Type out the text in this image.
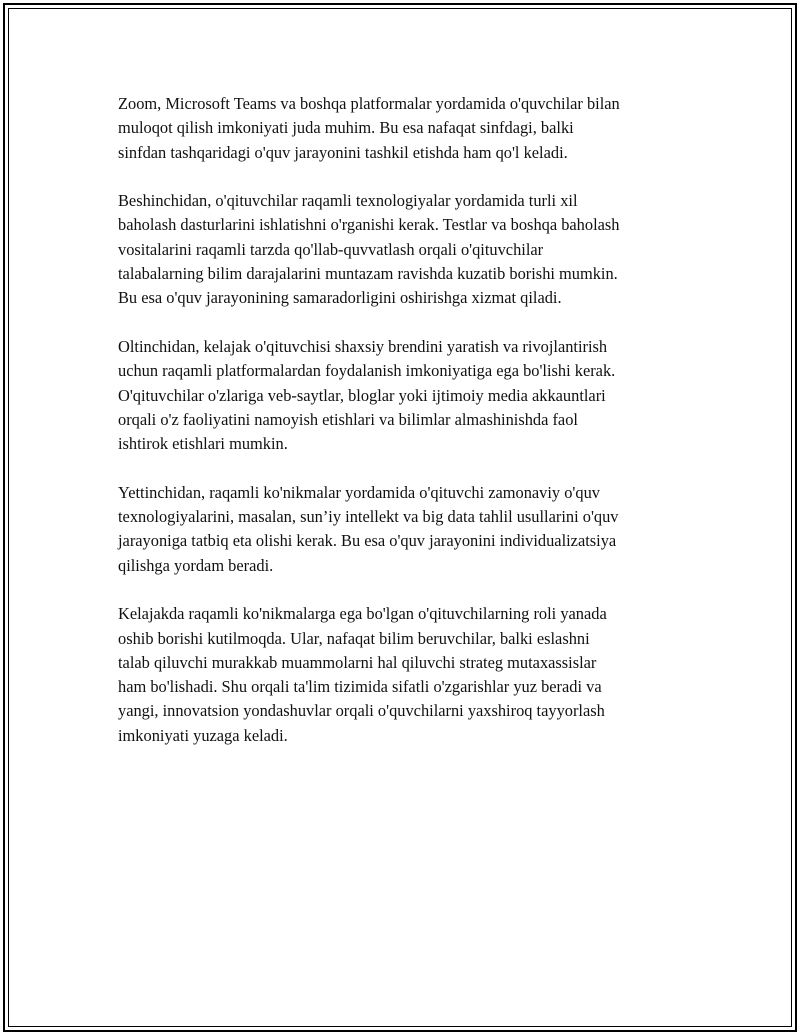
Zoom, Microsoft Teams va boshqa platformalar yordamida o'quvchilar bilan
muloqot qilish imkoniyati juda muhim. Bu esa nafaqat sinfdagi, balki
sinfdan tashqaridagi o'quv jarayonini tashkil etishda ham qo'l keladi.

Beshinchidan, o'qituvchilar raqamli texnologiyalar yordamida turli xil
baholash dasturlarini ishlatishni o'rganishi kerak. Testlar va boshqa baholash
vositalarini raqamli tarzda qo'llab-quvvatlash orqali o'qituvchilar
talabalarning bilim darajalarini muntazam ravishda kuzatib borishi mumkin.
Bu esa o'quv jarayonining samaradorligini oshirishga xizmat qiladi.

Oltinchidan, kelajak o'qituvchisi shaxsiy brendini yaratish va rivojlantirish
uchun raqamli platformalardan foydalanish imkoniyatiga ega bo'lishi kerak.
O'qituvchilar o'zlariga veb-saytlar, bloglar yoki ijtimoiy media akkauntlari
orqali o'z faoliyatini namoyish etishlari va bilimlar almashinishda faol
ishtirok etishlari mumkin.

Yettinchidan, raqamli ko'nikmalar yordamida o'qituvchi zamonaviy o'quv
texnologiyalarini, masalan, sun’iy intellekt va big data tahlil usullarini o'quv
jarayoniga tatbiq eta olishi kerak. Bu esa o'quv jarayonini individualizatsiya
qilishga yordam beradi.

Kelajakda raqamli ko'nikmalarga ega bo'lgan o'qituvchilarning roli yanada
oshib borishi kutilmoqda. Ular, nafaqat bilim beruvchilar, balki eslashni
talab qiluvchi murakkab muammolarni hal qiluvchi strateg mutaxassislar
ham bo'lishadi. Shu orqali ta'lim tizimida sifatli o'zgarishlar yuz beradi va
yangi, innovatsion yondashuvlar orqali o'quvchilarni yaxshiroq tayyorlash
imkoniyati yuzaga keladi.
